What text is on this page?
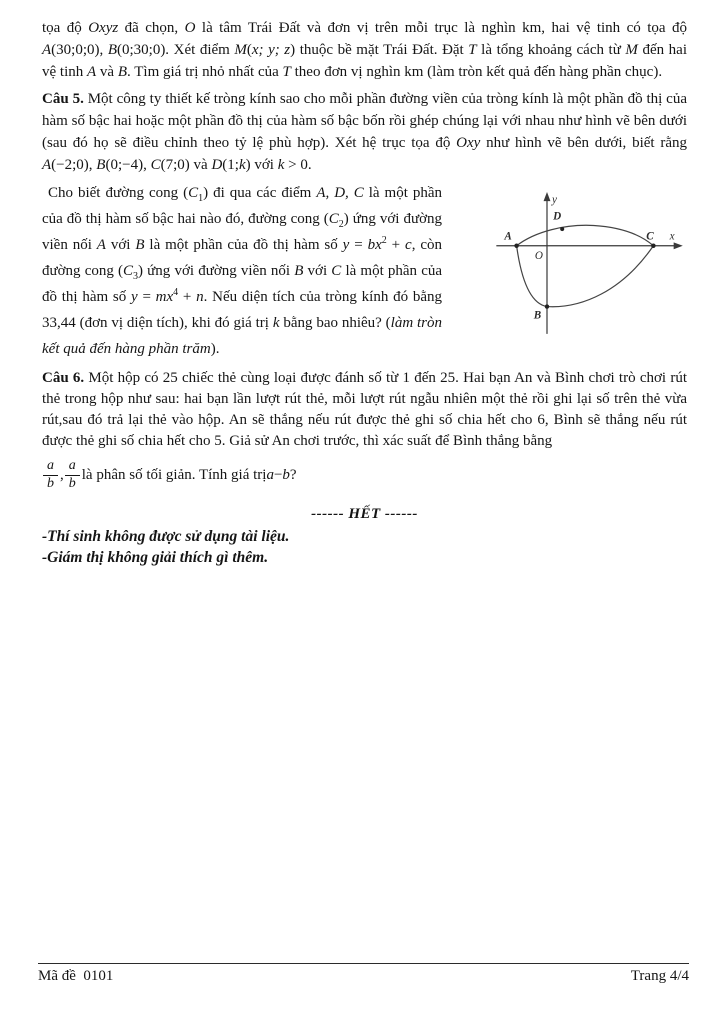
tọa độ Oxyz đã chọn, O là tâm Trái Đất và đơn vị trên mỗi trục là nghìn km, hai vệ tinh có tọa độ A(30;0;0), B(0;30;0). Xét điểm M(x; y; z) thuộc bề mặt Trái Đất. Đặt T là tổng khoảng cách từ M đến hai vệ tinh A và B. Tìm giá trị nhỏ nhất của T theo đơn vị nghìn km (làm tròn kết quả đến hàng phần chục).

Câu 5. Một công ty thiết kế tròng kính sao cho mỗi phần đường viền của tròng kính là một phần đồ thị của hàm số bậc hai hoặc một phần đồ thị của hàm số bậc bốn rồi ghép chúng lại với nhau như hình vẽ bên dưới (sau đó họ sẽ điều chỉnh theo tỷ lệ phù hợp). Xét hệ trục tọa độ Oxy như hình vẽ bên dưới, biết rằng A(−2;0), B(0;−4), C(7;0) và D(1;k) với k > 0.

Cho biết đường cong $(C_1)$ đi qua các điểm A, D, C là một phần của đồ thị hàm số bậc hai nào đó, đường cong $(C_2)$ ứng với đường viền nối A với B là một phần của đồ thị hàm số $y = bx^2 + c$, còn đường cong $(C_3)$ ứng với đường viền nối B với C là một phần của đồ thị hàm số $y = mx^4 + n$. Nếu diện tích của tròng kính đó bằng 33,44 (đơn vị diện tích), khi đó giá trị k bằng bao nhiêu? (làm tròn kết quả đến hàng phần trăm).

y
x
O
A	C
D
B

Câu 6. Một hộp có 25 chiếc thẻ cùng loại được đánh số từ 1 đến 25. Hai bạn An và Bình chơi trò chơi rút thẻ trong hộp như sau: hai bạn lần lượt rút thẻ, mỗi lượt rút ngẫu nhiên một thẻ rồi ghi lại số trên thẻ vừa rút,sau đó trả lại thẻ vào hộp. An sẽ thắng nếu rút được thẻ ghi số chia hết cho 6, Bình sẽ thắng nếu rút được thẻ ghi số chia hết cho 5. Giả sử An chơi trước, thì xác suất để Bình thắng bằng

$\frac{a}{b}$ , $\frac{a}{b}$ là phân số tối giản. Tính giá trị a − b ?

------ HẾT ------

-Thí sinh không được sử dụng tài liệu.

-Giám thị không giải thích gì thêm.

Mã đề  0101	Trang 4/4
